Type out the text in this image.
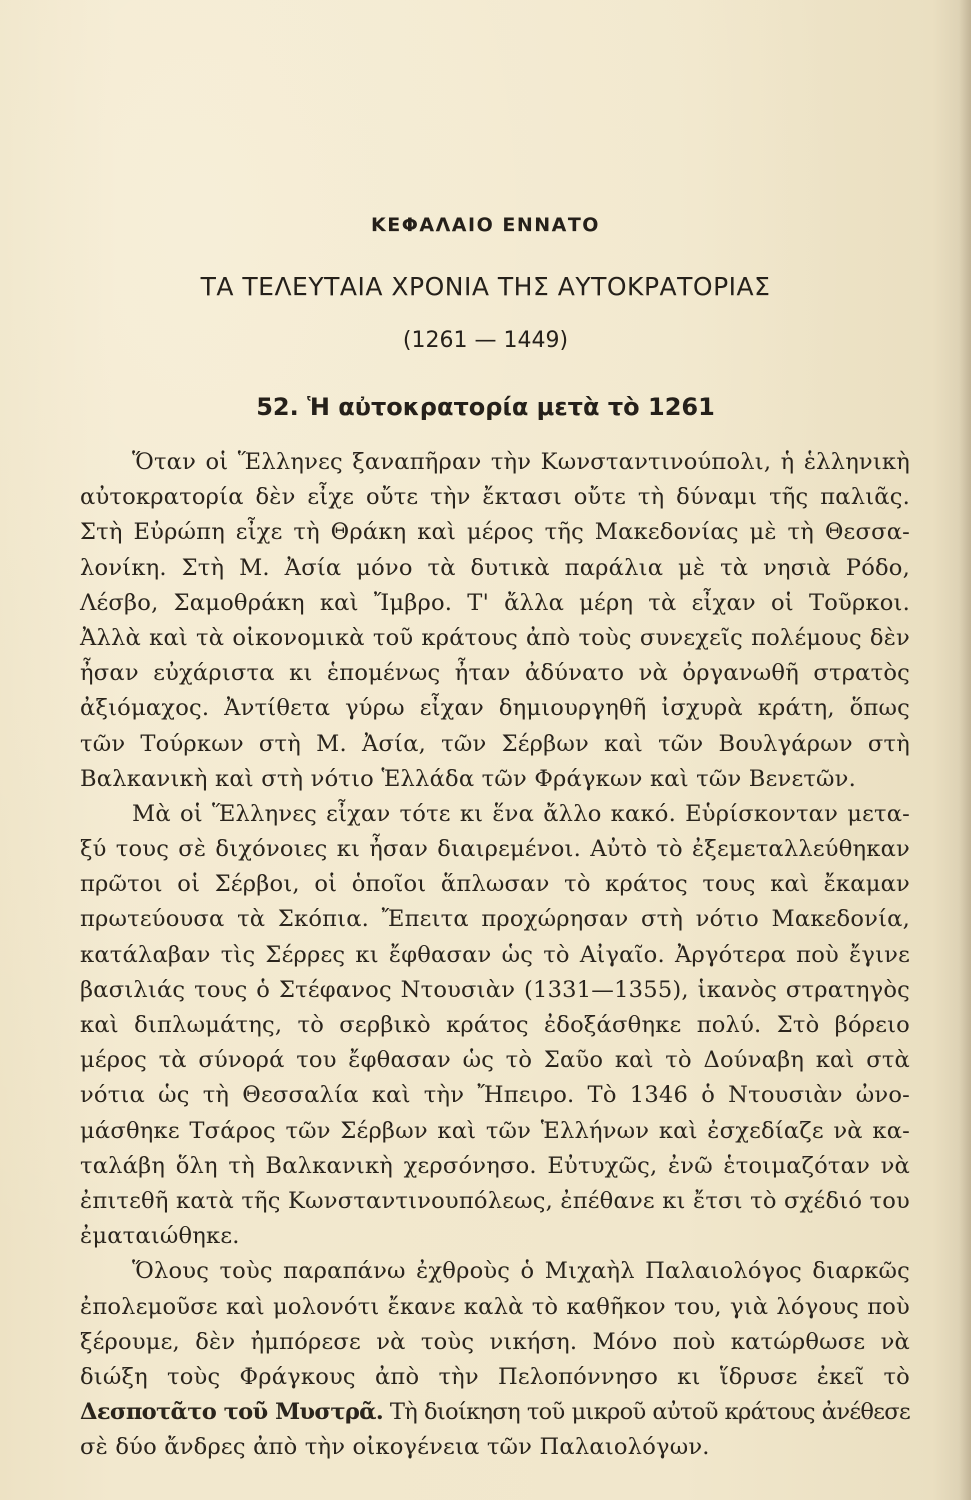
ΚΕΦΑΛΑΙΟ ΕΝΝΑΤΟ
ΤΑ ΤΕΛΕΥΤΑΙΑ ΧΡΟΝΙΑ ΤΗΣ ΑΥΤΟΚΡΑΤΟΡΙΑΣ
(1261 — 1449)
52. Ἡ αὐτοκρατορία μετὰ τὸ 1261
Ὅταν οἱ Ἕλληνες ξαναπῆραν τὴν Κωνσταντινούπολι, ἡ ἑλληνικὴ
αὐτοκρατορία δὲν εἶχε οὔτε τὴν ἔκτασι οὔτε τὴ δύναμι τῆς παλιᾶς.
Στὴ Εὐρώπη εἶχε τὴ Θράκη καὶ μέρος τῆς Μακεδονίας μὲ τὴ Θεσσα-
λονίκη. Στὴ Μ. Ἀσία μόνο τὰ δυτικὰ παράλια μὲ τὰ νησιὰ Ρόδο,
Λέσβο, Σαμοθράκη καὶ Ἴμβρο. Τ' ἄλλα μέρη τὰ εἶχαν οἱ Τοῦρκοι.
Ἀλλὰ καὶ τὰ οἰκονομικὰ τοῦ κράτους ἀπὸ τοὺς συνεχεῖς πολέμους δὲν
ἦσαν εὐχάριστα κι ἑπομένως ἦταν ἀδύνατο νὰ ὀργανωθῆ στρατὸς
ἀξιόμαχος. Ἀντίθετα γύρω εἶχαν δημιουργηθῆ ἰσχυρὰ κράτη, ὅπως
τῶν Τούρκων στὴ Μ. Ἀσία, τῶν Σέρβων καὶ τῶν Βουλγάρων στὴ
Βαλκανικὴ καὶ στὴ νότιο Ἑλλάδα τῶν Φράγκων καὶ τῶν Βενετῶν.
Μὰ οἱ Ἕλληνες εἶχαν τότε κι ἕνα ἄλλο κακό. Εὑρίσκονταν μετα-
ξύ τους σὲ διχόνοιες κι ἦσαν διαιρεμένοι. Αὐτὸ τὸ ἐξεμεταλλεύθηκαν
πρῶτοι οἱ Σέρβοι, οἱ ὁποῖοι ἅπλωσαν τὸ κράτος τους καὶ ἔκαμαν
πρωτεύουσα τὰ Σκόπια. Ἔπειτα προχώρησαν στὴ νότιο Μακεδονία,
κατάλαβαν τὶς Σέρρες κι ἔφθασαν ὡς τὸ Αἰγαῖο. Ἀργότερα ποὺ ἔγινε
βασιλιάς τους ὁ Στέφανος Ντουσιὰν (1331—1355), ἱκανὸς στρατηγὸς
καὶ διπλωμάτης, τὸ σερβικὸ κράτος ἐδοξάσθηκε πολύ. Στὸ βόρειο
μέρος τὰ σύνορά του ἔφθασαν ὡς τὸ Σαῦο καὶ τὸ Δούναβη καὶ στὰ
νότια ὡς τὴ Θεσσαλία καὶ τὴν Ἤπειρο. Τὸ 1346 ὁ Ντουσιὰν ὠνο-
μάσθηκε Τσάρος τῶν Σέρβων καὶ τῶν Ἑλλήνων καὶ ἐσχεδίαζε νὰ κα-
ταλάβη ὅλη τὴ Βαλκανικὴ χερσόνησο. Εὐτυχῶς, ἐνῶ ἑτοιμαζόταν νὰ
ἐπιτεθῆ κατὰ τῆς Κωνσταντινουπόλεως, ἐπέθανε κι ἔτσι τὸ σχέδιό του
ἐματαιώθηκε.
Ὅλους τοὺς παραπάνω ἐχθροὺς ὁ Μιχαὴλ Παλαιολόγος διαρκῶς
ἐπολεμοῦσε καὶ μολονότι ἔκανε καλὰ τὸ καθῆκον του, γιὰ λόγους ποὺ
ξέρουμε, δὲν ἠμπόρεσε νὰ τοὺς νικήση. Μόνο ποὺ κατώρθωσε νὰ
διώξη τοὺς Φράγκους ἀπὸ τὴν Πελοπόννησο κι ἵδρυσε ἐκεῖ τὸ
Δεσποτᾶτο τοῦ Μυστρᾶ. Τὴ διοίκηση τοῦ μικροῦ αὐτοῦ κράτους ἀνέθεσε
σὲ δύο ἄνδρες ἀπὸ τὴν οἰκογένεια τῶν Παλαιολόγων.
